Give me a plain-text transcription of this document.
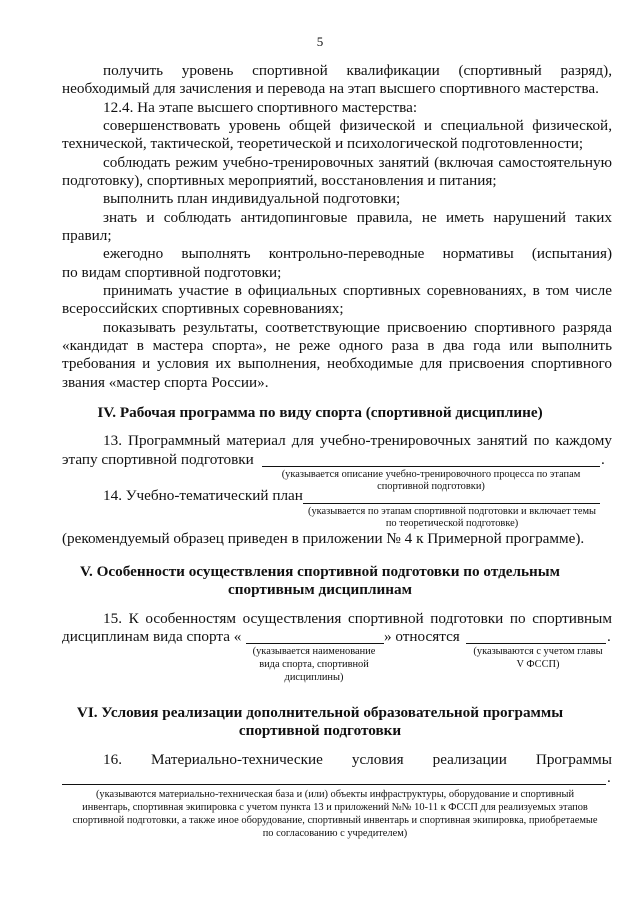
5
получить уровень спортивной квалификации (спортивный разряд),
необходимый для зачисления и перевода на этап высшего спортивного мастерства.
12.4. На этапе высшего спортивного мастерства:
совершенствовать уровень общей физической и специальной физической,
технической, тактической, теоретической и психологической подготовленности;
соблюдать режим учебно-тренировочных занятий (включая самостоятельную
подготовку), спортивных мероприятий, восстановления и питания;
выполнить план индивидуальной подготовки;
знать и соблюдать антидопинговые правила, не иметь нарушений таких
правил;
ежегодно выполнять контрольно-переводные нормативы (испытания)
по видам спортивной подготовки;
принимать участие в официальных спортивных соревнованиях, в том числе
всероссийских спортивных соревнованиях;
показывать результаты, соответствующие присвоению спортивного разряда
«кандидат в мастера спорта», не реже одного раза в два года или выполнить
требования и условия их выполнения, необходимые для присвоения спортивного
звания «мастер спорта России».
IV. Рабочая программа по виду спорта (спортивной дисциплине)
13. Программный материал для учебно-тренировочных занятий по каждому
этапу спортивной подготовки	.
(указывается описание учебно-тренировочного процесса по этапам
спортивной подготовки)
14. Учебно-тематический план
(указывается по этапам спортивной подготовки и включает темы
по теоретической подготовке)
(рекомендуемый образец приведен в приложении № 4 к Примерной программе).
V. Особенности осуществления спортивной подготовки по отдельным
спортивным дисциплинам
15. К особенностям осуществления спортивной подготовки по спортивным
дисциплинам вида спорта «	» относятся	.
(указывается наименование
вида спорта, спортивной
дисциплины)
(указываются с учетом главы
V ФССП)
VI. Условия реализации дополнительной образовательной программы
спортивной подготовки
16. Материально-технические условия реализации Программы
.
(указываются материально-техническая база и (или) объекты инфраструктуры, оборудование и спортивный
инвентарь, спортивная экипировка с учетом пункта 13 и приложений №№ 10-11 к ФССП для реализуемых этапов
спортивной подготовки, а также иное оборудование, спортивный инвентарь и спортивная экипировка, приобретаемые
по согласованию с учредителем)
